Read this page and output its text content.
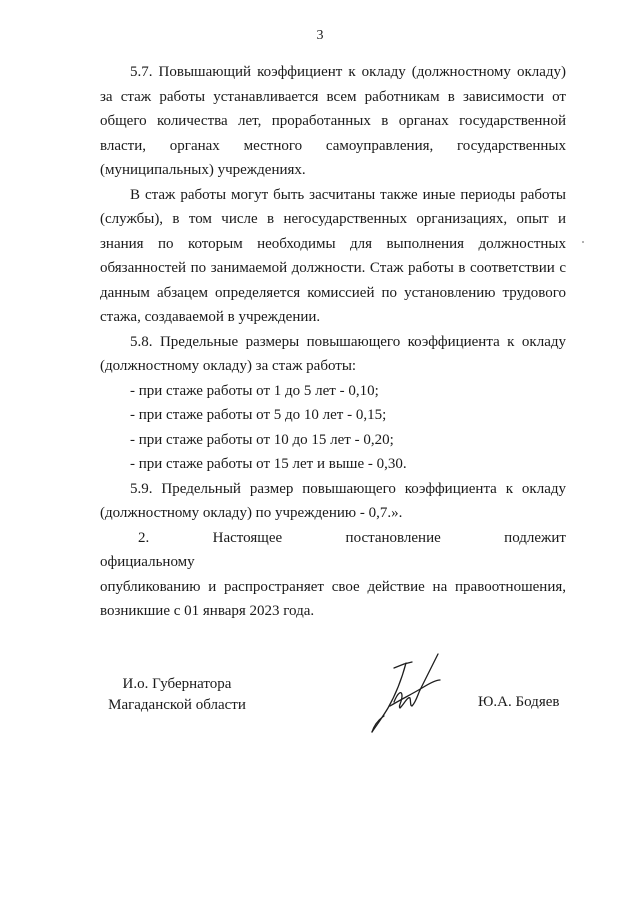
3

5.7. Повышающий коэффициент к окладу (должностному окладу) за стаж работы устанавливается всем работникам в зависимости от общего количества лет, проработанных в органах государственной власти, органах местного самоуправления, государственных (муниципальных) учреждениях.

В стаж работы могут быть засчитаны также иные периоды работы (службы), в том числе в негосударственных организациях, опыт и знания по которым необходимы для выполнения должностных обязанностей по занимаемой должности. Стаж работы в соответствии с данным абзацем определяется комиссией по установлению трудового стажа, создаваемой в учреждении.

5.8. Предельные размеры повышающего коэффициента к окладу (должностному окладу) за стаж работы:

- при стаже работы от 1 до 5 лет - 0,10;

- при стаже работы от 5 до 10 лет - 0,15;

- при стаже работы от 10 до 15 лет - 0,20;

- при стаже работы от 15 лет и выше - 0,30.

5.9. Предельный размер повышающего коэффициента к окладу (должностному окладу) по учреждению - 0,7.».

2. Настоящее постановление подлежит официальному

опубликованию и распространяет свое действие на правоотношения, возникшие с 01 января 2023 года.

И.о. Губернатора
Магаданской области	Ю.А. Бодяев
